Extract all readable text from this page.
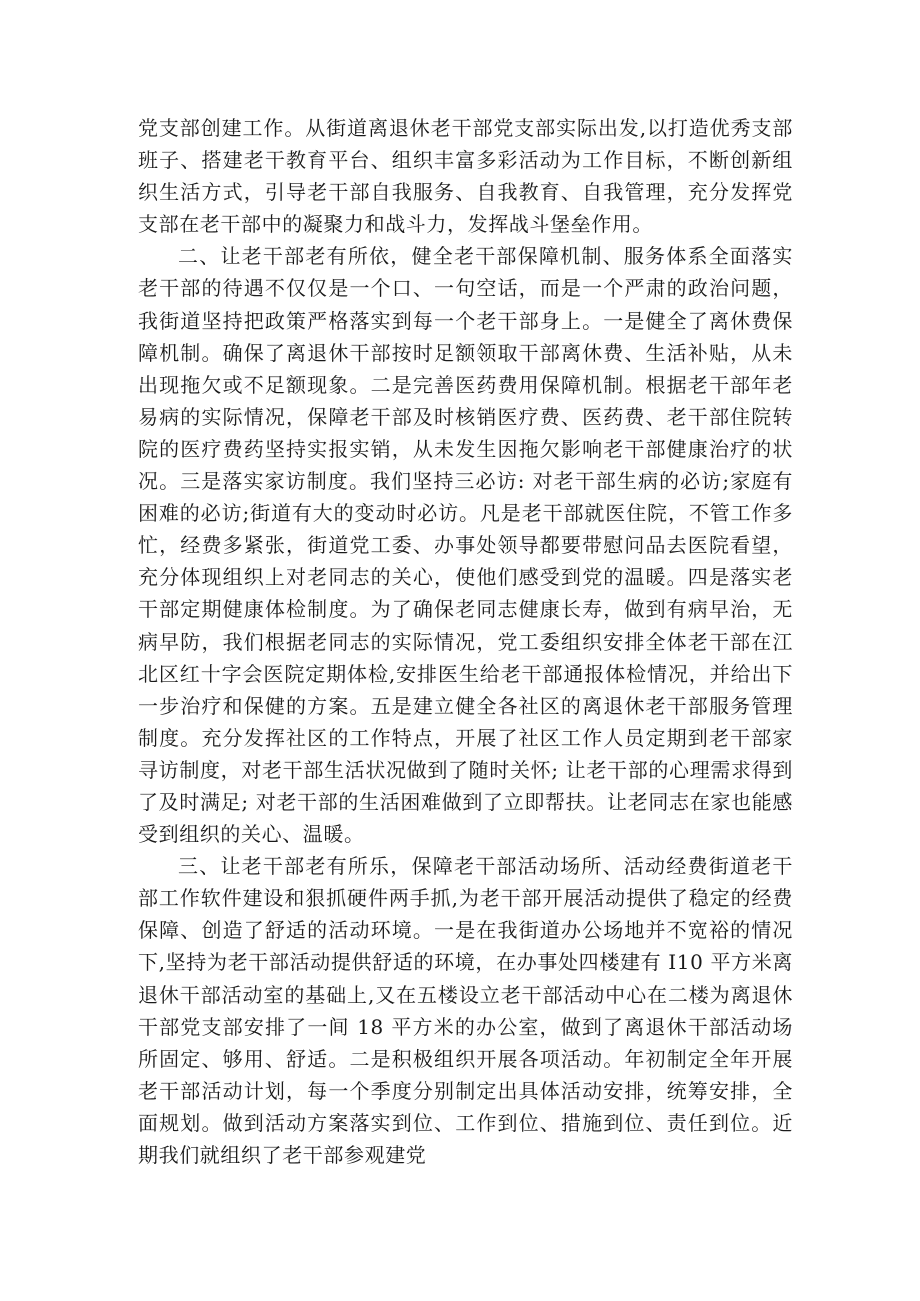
党支部创建工作。从街道离退休老干部党支部实际出发,以打造优秀支部班子、搭建老干教育平台、组织丰富多彩活动为工作目标，不断创新组织生活方式，引导老干部自我服务、自我教育、自我管理，充分发挥党支部在老干部中的凝聚力和战斗力，发挥战斗堡垒作用。

二、让老干部老有所依，健全老干部保障机制、服务体系全面落实老干部的待遇不仅仅是一个口、一句空话，而是一个严肃的政治问题，我街道坚持把政策严格落实到每一个老干部身上。一是健全了离休费保障机制。确保了离退休干部按时足额领取干部离休费、生活补贴，从未出现拖欠或不足额现象。二是完善医药费用保障机制。根据老干部年老易病的实际情况，保障老干部及时核销医疗费、医药费、老干部住院转院的医疗费药坚持实报实销，从未发生因拖欠影响老干部健康治疗的状况。三是落实家访制度。我们坚持三必访: 对老干部生病的必访;家庭有困难的必访;街道有大的变动时必访。凡是老干部就医住院，不管工作多忙，经费多紧张，街道党工委、办事处领导都要带慰问品去医院看望，充分体现组织上对老同志的关心，使他们感受到党的温暖。四是落实老干部定期健康体检制度。为了确保老同志健康长寿，做到有病早治，无病早防，我们根据老同志的实际情况，党工委组织安排全体老干部在江北区红十字会医院定期体检,安排医生给老干部通报体检情况，并给出下一步治疗和保健的方案。五是建立健全各社区的离退休老干部服务管理制度。充分发挥社区的工作特点，开展了社区工作人员定期到老干部家寻访制度，对老干部生活状况做到了随时关怀; 让老干部的心理需求得到了及时满足; 对老干部的生活困难做到了立即帮扶。让老同志在家也能感受到组织的关心、温暖。

三、让老干部老有所乐，保障老干部活动场所、活动经费街道老干部工作软件建设和狠抓硬件两手抓,为老干部开展活动提供了稳定的经费保障、创造了舒适的活动环境。一是在我街道办公场地并不宽裕的情况下,坚持为老干部活动提供舒适的环境，在办事处四楼建有 I10 平方米离退休干部活动室的基础上,又在五楼设立老干部活动中心在二楼为离退休干部党支部安排了一间 18 平方米的办公室，做到了离退休干部活动场所固定、够用、舒适。二是积极组织开展各项活动。年初制定全年开展老干部活动计划，每一个季度分别制定出具体活动安排，统筹安排，全面规划。做到活动方案落实到位、工作到位、措施到位、责任到位。近期我们就组织了老干部参观建党
